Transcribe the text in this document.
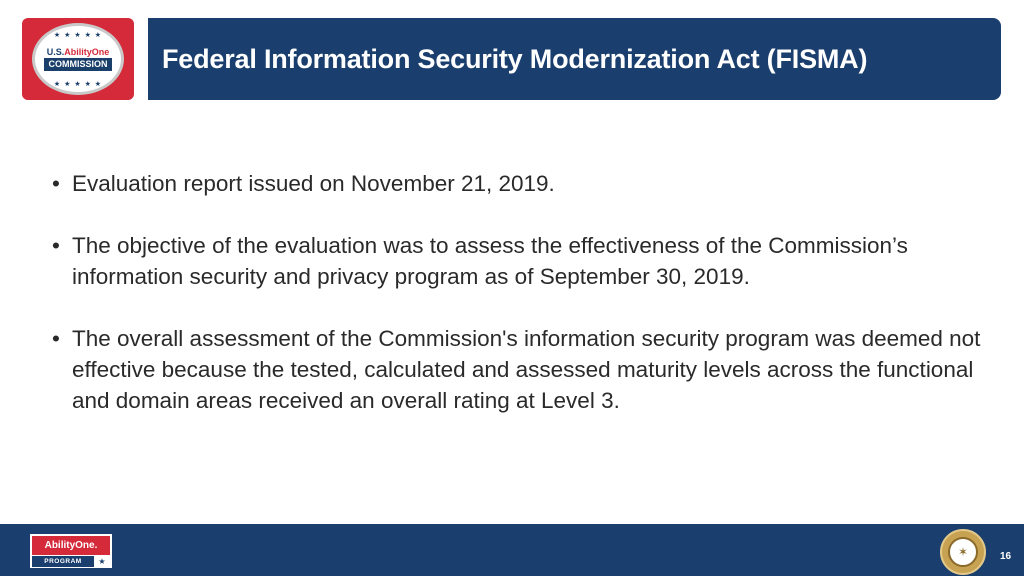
★ ★ ★ ★ ★
U.S.AbilityOne
COMMISSION
★ ★ ★ ★ ★
Federal Information Security Modernization Act (FISMA)
• Evaluation report issued on November 21, 2019.
• The objective of the evaluation was to assess the effectiveness of the Commission’s information security and privacy program as of September 30, 2019.
• The overall assessment of the Commission's information security program was deemed not effective because the tested, calculated and assessed maturity levels across the functional and domain areas received an overall rating at Level 3.
AbilityOne.
PROGRAM	★
✶	16
